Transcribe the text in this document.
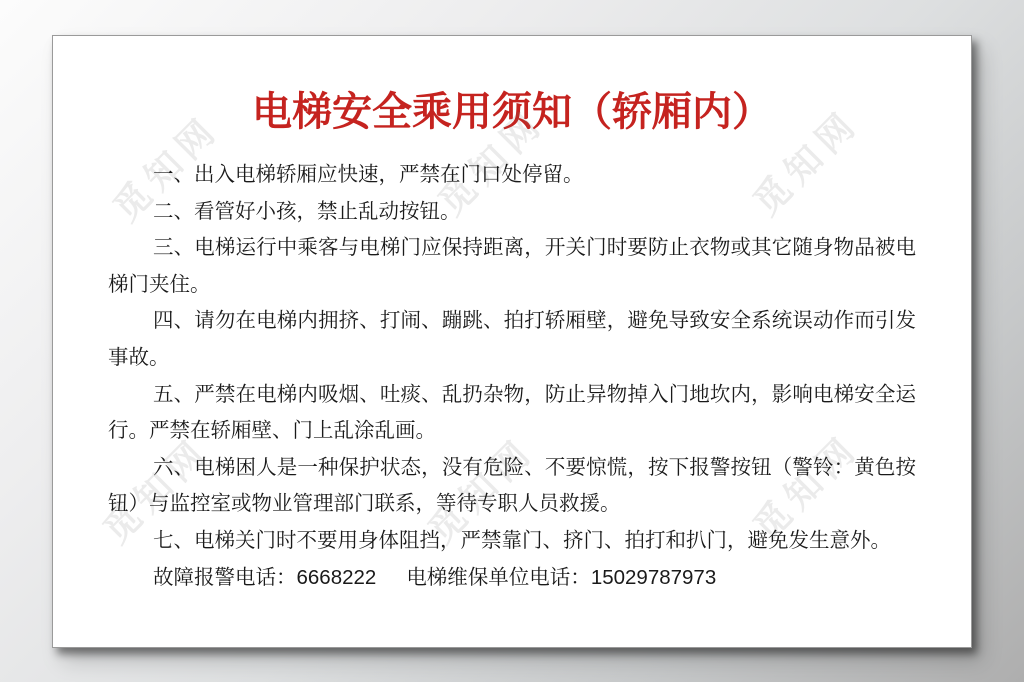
觅知网	觅知网	觅知网
觅知网	觅知网	觅知网
电梯安全乘用须知（轿厢内）

一、出入电梯轿厢应快速，严禁在门口处停留。

二、看管好小孩，禁止乱动按钮。

三、电梯运行中乘客与电梯门应保持距离，开关门时要防止衣物或其它随身物品被电梯门夹住。

四、请勿在电梯内拥挤、打闹、蹦跳、拍打轿厢壁，避免导致安全系统误动作而引发事故。

五、严禁在电梯内吸烟、吐痰、乱扔杂物，防止异物掉入门地坎内，影响电梯安全运行。严禁在轿厢壁、门上乱涂乱画。

六、电梯困人是一种保护状态，没有危险、不要惊慌，按下报警按钮（警铃：黄色按钮）与监控室或物业管理部门联系，等待专职人员救援。

七、电梯关门时不要用身体阻挡，严禁靠门、挤门、拍打和扒门，避免发生意外。

故障报警电话：6668222 电梯维保单位电话：15029787973
